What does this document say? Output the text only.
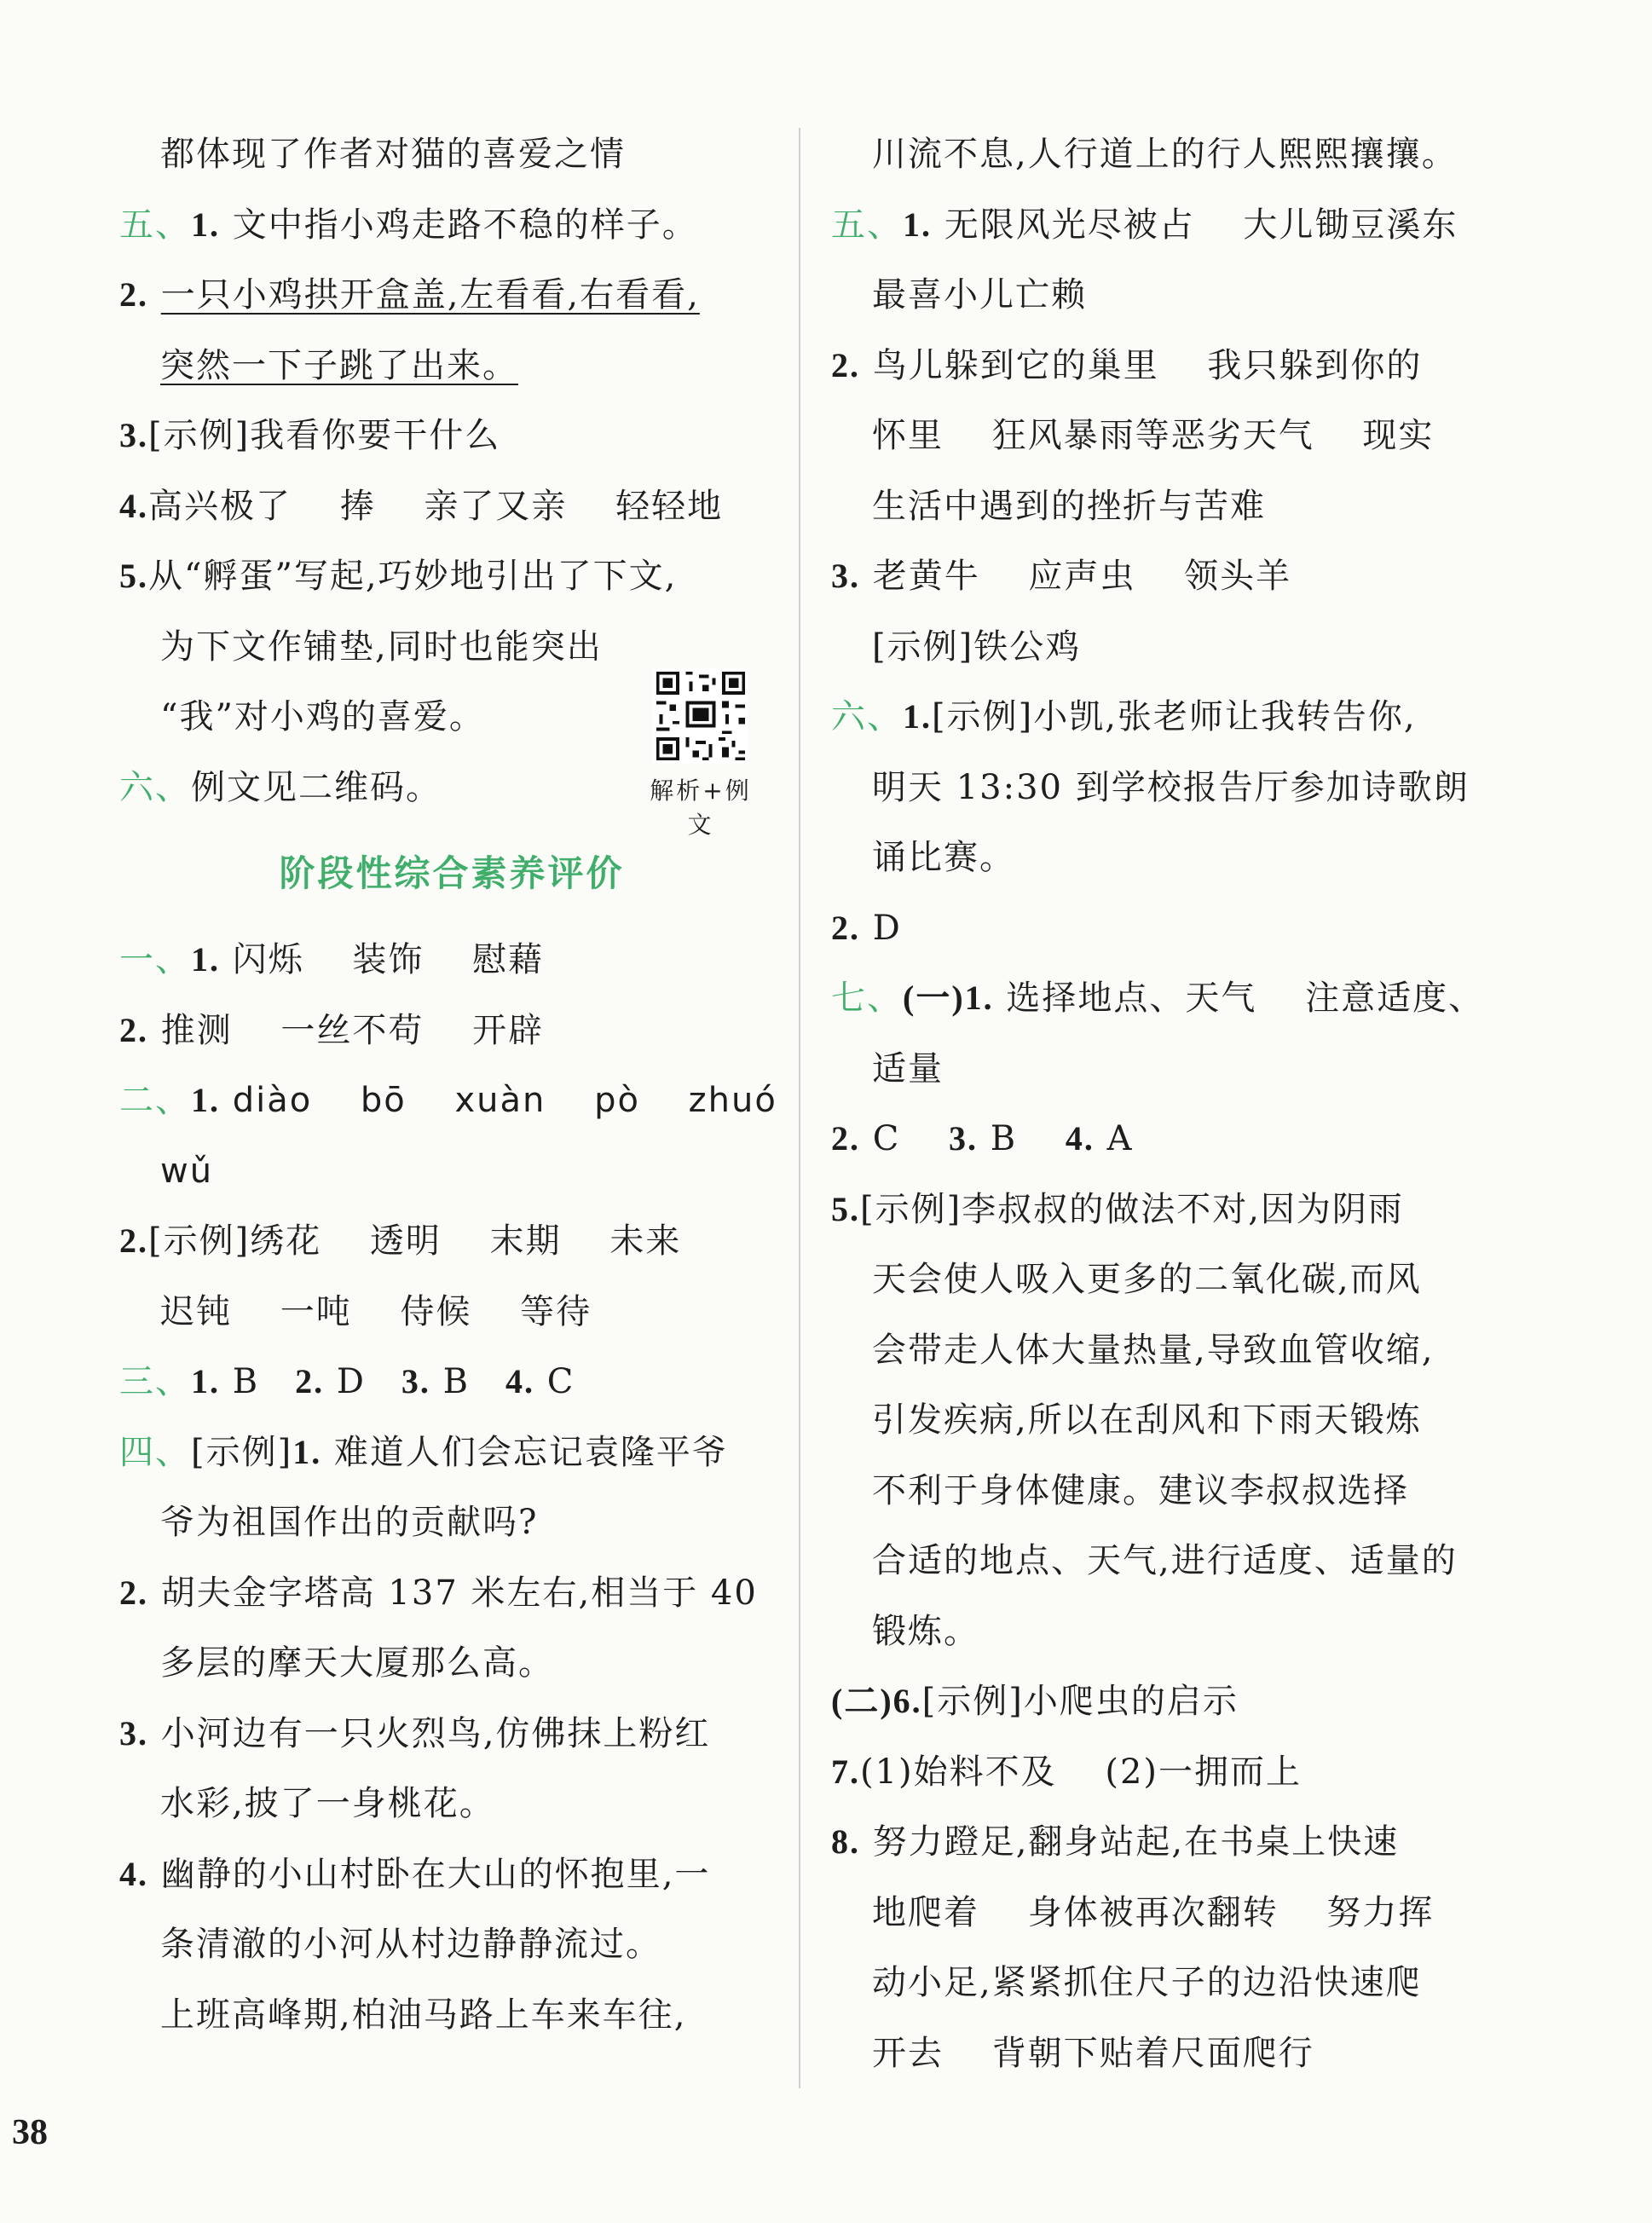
都体现了作者对猫的喜爱之情
五、1. 文中指小鸡走路不稳的样子。
2. 一只小鸡拱开盒盖,左看看,右看看,
突然一下子跳了出来。
3.[示例]我看你要干什么
4.高兴极了　 捧　 亲了又亲　 轻轻地
5.从“孵蛋”写起,巧妙地引出了下文,
为下文作铺垫,同时也能突出
“我”对小鸡的喜爱。
六、例文见二维码。
阶段性综合素养评价
一、1. 闪烁　 装饰　 慰藉
2. 推测　 一丝不苟　 开辟
二、1. diào　 bō　 xuàn　 pò　 zhuó
wǔ
2.[示例]绣花　 透明　 末期　 未来
迟钝　 一吨　 侍候　 等待
三、1. B　2. D　3. B　4. C
四、[示例]1. 难道人们会忘记袁隆平爷
爷为祖国作出的贡献吗?
2. 胡夫金字塔高 137 米左右,相当于 40
多层的摩天大厦那么高。
3. 小河边有一只火烈鸟,仿佛抹上粉红
水彩,披了一身桃花。
4. 幽静的小山村卧在大山的怀抱里,一
条清澈的小河从村边静静流过。
上班高峰期,柏油马路上车来车往,
解析+例文
川流不息,人行道上的行人熙熙攘攘。
五、1. 无限风光尽被占　 大儿锄豆溪东
最喜小儿亡赖
2. 鸟儿躲到它的巢里　 我只躲到你的
怀里　 狂风暴雨等恶劣天气　 现实
生活中遇到的挫折与苦难
3. 老黄牛　 应声虫　 领头羊
[示例]铁公鸡
六、1.[示例]小凯,张老师让我转告你,
明天 13:30 到学校报告厅参加诗歌朗
诵比赛。
2. D
七、(一)1. 选择地点、天气　 注意适度、
适量
2. C　 3. B　 4. A
5.[示例]李叔叔的做法不对,因为阴雨
天会使人吸入更多的二氧化碳,而风
会带走人体大量热量,导致血管收缩,
引发疾病,所以在刮风和下雨天锻炼
不利于身体健康。建议李叔叔选择
合适的地点、天气,进行适度、适量的
锻炼。
(二)6.[示例]小爬虫的启示
7.(1)始料不及　 (2)一拥而上
8. 努力蹬足,翻身站起,在书桌上快速
地爬着　 身体被再次翻转　 努力挥
动小足,紧紧抓住尺子的边沿快速爬
开去　 背朝下贴着尺面爬行
38
